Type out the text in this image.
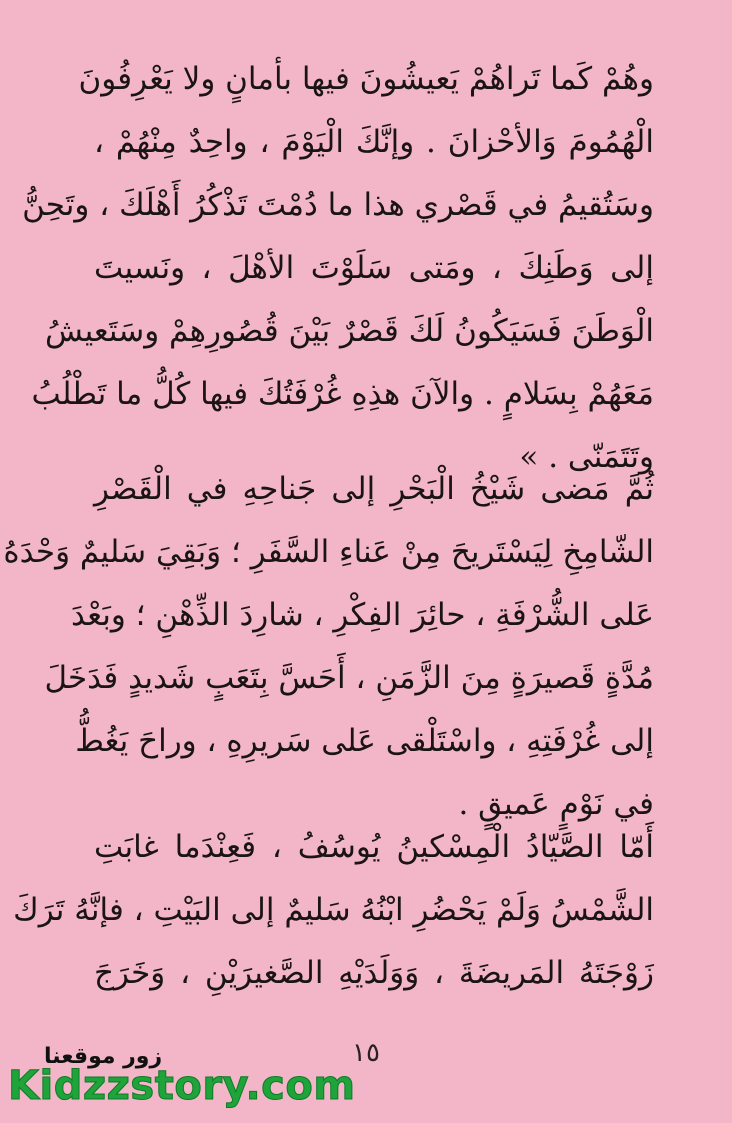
وهُمْ كَما تَراهُمْ يَعيشُونَ فيها بأمانٍ ولا يَعْرِفُونَ
الْهُمُومَ وَالأحْزانَ . وإنَّكَ الْيَوْمَ ، واحِدٌ مِنْهُمْ ،
وسَتُقيمُ في قَصْري هذا ما دُمْتَ تَذْكُرُ أَهْلَكَ ، وتَحِنُّ
إلى وَطَنِكَ ، ومَتى سَلَوْتَ الأهْلَ ، ونَسيتَ
الْوَطَنَ فَسَيَكُونُ لَكَ قَصْرٌ بَيْنَ قُصُورِهِمْ وسَتَعيشُ
مَعَهُمْ بِسَلامٍ . والآنَ هذِهِ غُرْفَتُكَ فيها كُلُّ ما تَطْلُبُ
وتَتَمَنّى . »
ثُمَّ مَضى شَيْخُ الْبَحْرِ إلى جَناحِهِ في الْقَصْرِ
الشّامِخِ لِيَسْتَريحَ مِنْ عَناءِ السَّفَرِ ؛ وَبَقِيَ سَليمٌ وَحْدَهُ
عَلى الشُّرْفَةِ ، حائِرَ الفِكْرِ ، شارِدَ الذِّهْنِ ؛ وبَعْدَ
مُدَّةٍ قَصيرَةٍ مِنَ الزَّمَنِ ، أَحَسَّ بِتَعَبٍ شَديدٍ فَدَخَلَ
إلى غُرْفَتِهِ ، واسْتَلْقى عَلى سَريرِهِ ، وراحَ يَغُطُّ
في نَوْمٍ عَميقٍ .
أَمّا الصَّيّادُ الْمِسْكينُ يُوسُفُ ، فَعِنْدَما غابَتِ
الشَّمْسُ وَلَمْ يَحْضُرِ ابْنُهُ سَليمٌ إلى البَيْتِ ، فإنَّهُ تَرَكَ
زَوْجَتَهُ المَريضَةَ ، وَوَلَدَيْهِ الصَّغيرَيْنِ ، وَخَرَجَ
١٥
زور موقعنا
Kidzzstory.com
